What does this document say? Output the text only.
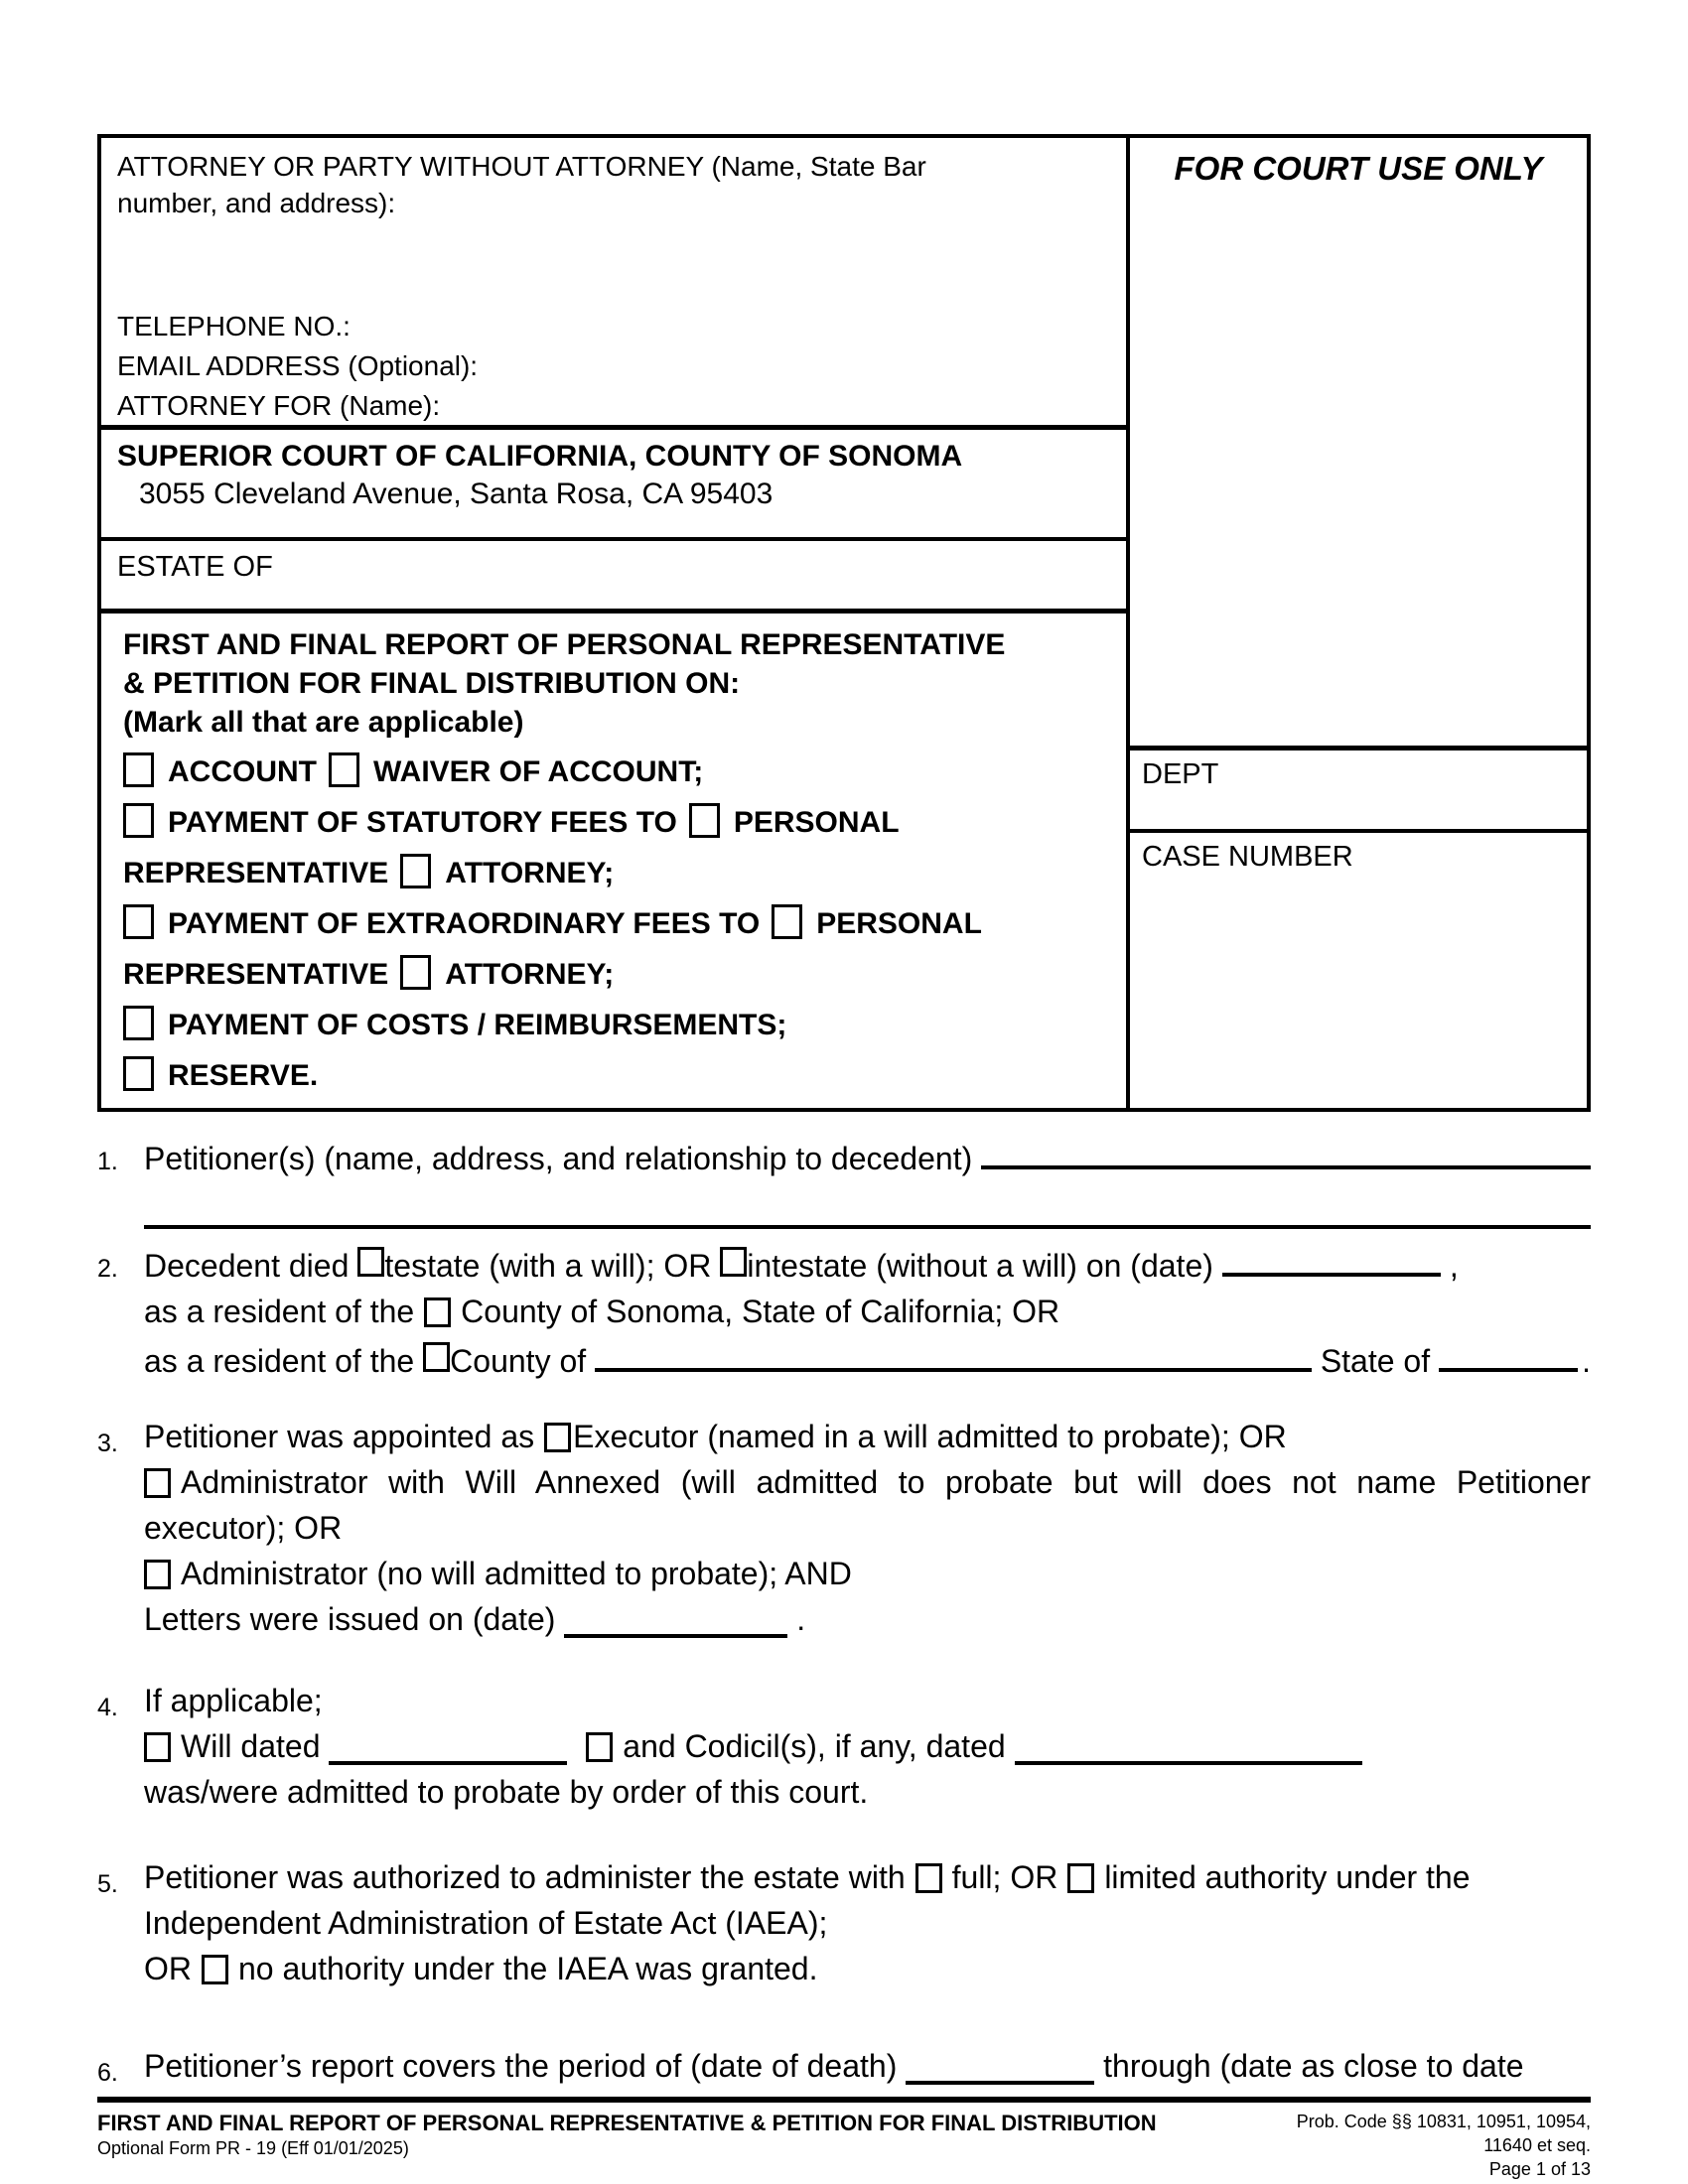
ATTORNEY OR PARTY WITHOUT ATTORNEY (Name, State Bar
number, and address):
TELEPHONE NO.:
EMAIL ADDRESS (Optional):
ATTORNEY FOR (Name):
SUPERIOR COURT OF CALIFORNIA, COUNTY OF SONOMA
3055 Cleveland Avenue, Santa Rosa, CA 95403
ESTATE OF
FIRST AND FINAL REPORT OF PERSONAL REPRESENTATIVE
& PETITION FOR FINAL DISTRIBUTION ON:
(Mark all that are applicable)
ACCOUNT WAIVER OF ACCOUNT;
PAYMENT OF STATUTORY FEES TO PERSONAL
REPRESENTATIVE ATTORNEY;
PAYMENT OF EXTRAORDINARY FEES TO PERSONAL
REPRESENTATIVE ATTORNEY;
PAYMENT OF COSTS / REIMBURSEMENTS;
RESERVE.
FOR COURT USE ONLY
DEPT
CASE NUMBER
1. Petitioner(s) (name, address, and relationship to decedent)
2. Decedent died testate (with a will); OR intestate (without a will) on (date)	,
as a resident of the County of Sonoma, State of California; OR
as a resident of the County of	State of	.
3. Petitioner was appointed as Executor (named in a will admitted to probate); OR
Administrator with Will Annexed (will admitted to probate but will does not name Petitioner
executor); OR
Administrator (no will admitted to probate); AND
Letters were issued on (date)	.
4. If applicable;
Will dated	and Codicil(s), if any, dated
was/were admitted to probate by order of this court.
5. Petitioner was authorized to administer the estate with full; OR limited authority under the
Independent Administration of Estate Act (IAEA);
OR no authority under the IAEA was granted.
6. Petitioner’s report covers the period of (date of death)	through (date as close to date
FIRST AND FINAL REPORT OF PERSONAL REPRESENTATIVE & PETITION FOR FINAL DISTRIBUTION
Optional Form PR - 19 (Eff 01/01/2025)
Prob. Code §§ 10831, 10951, 10954,
11640 et seq.
Page 1 of 13
